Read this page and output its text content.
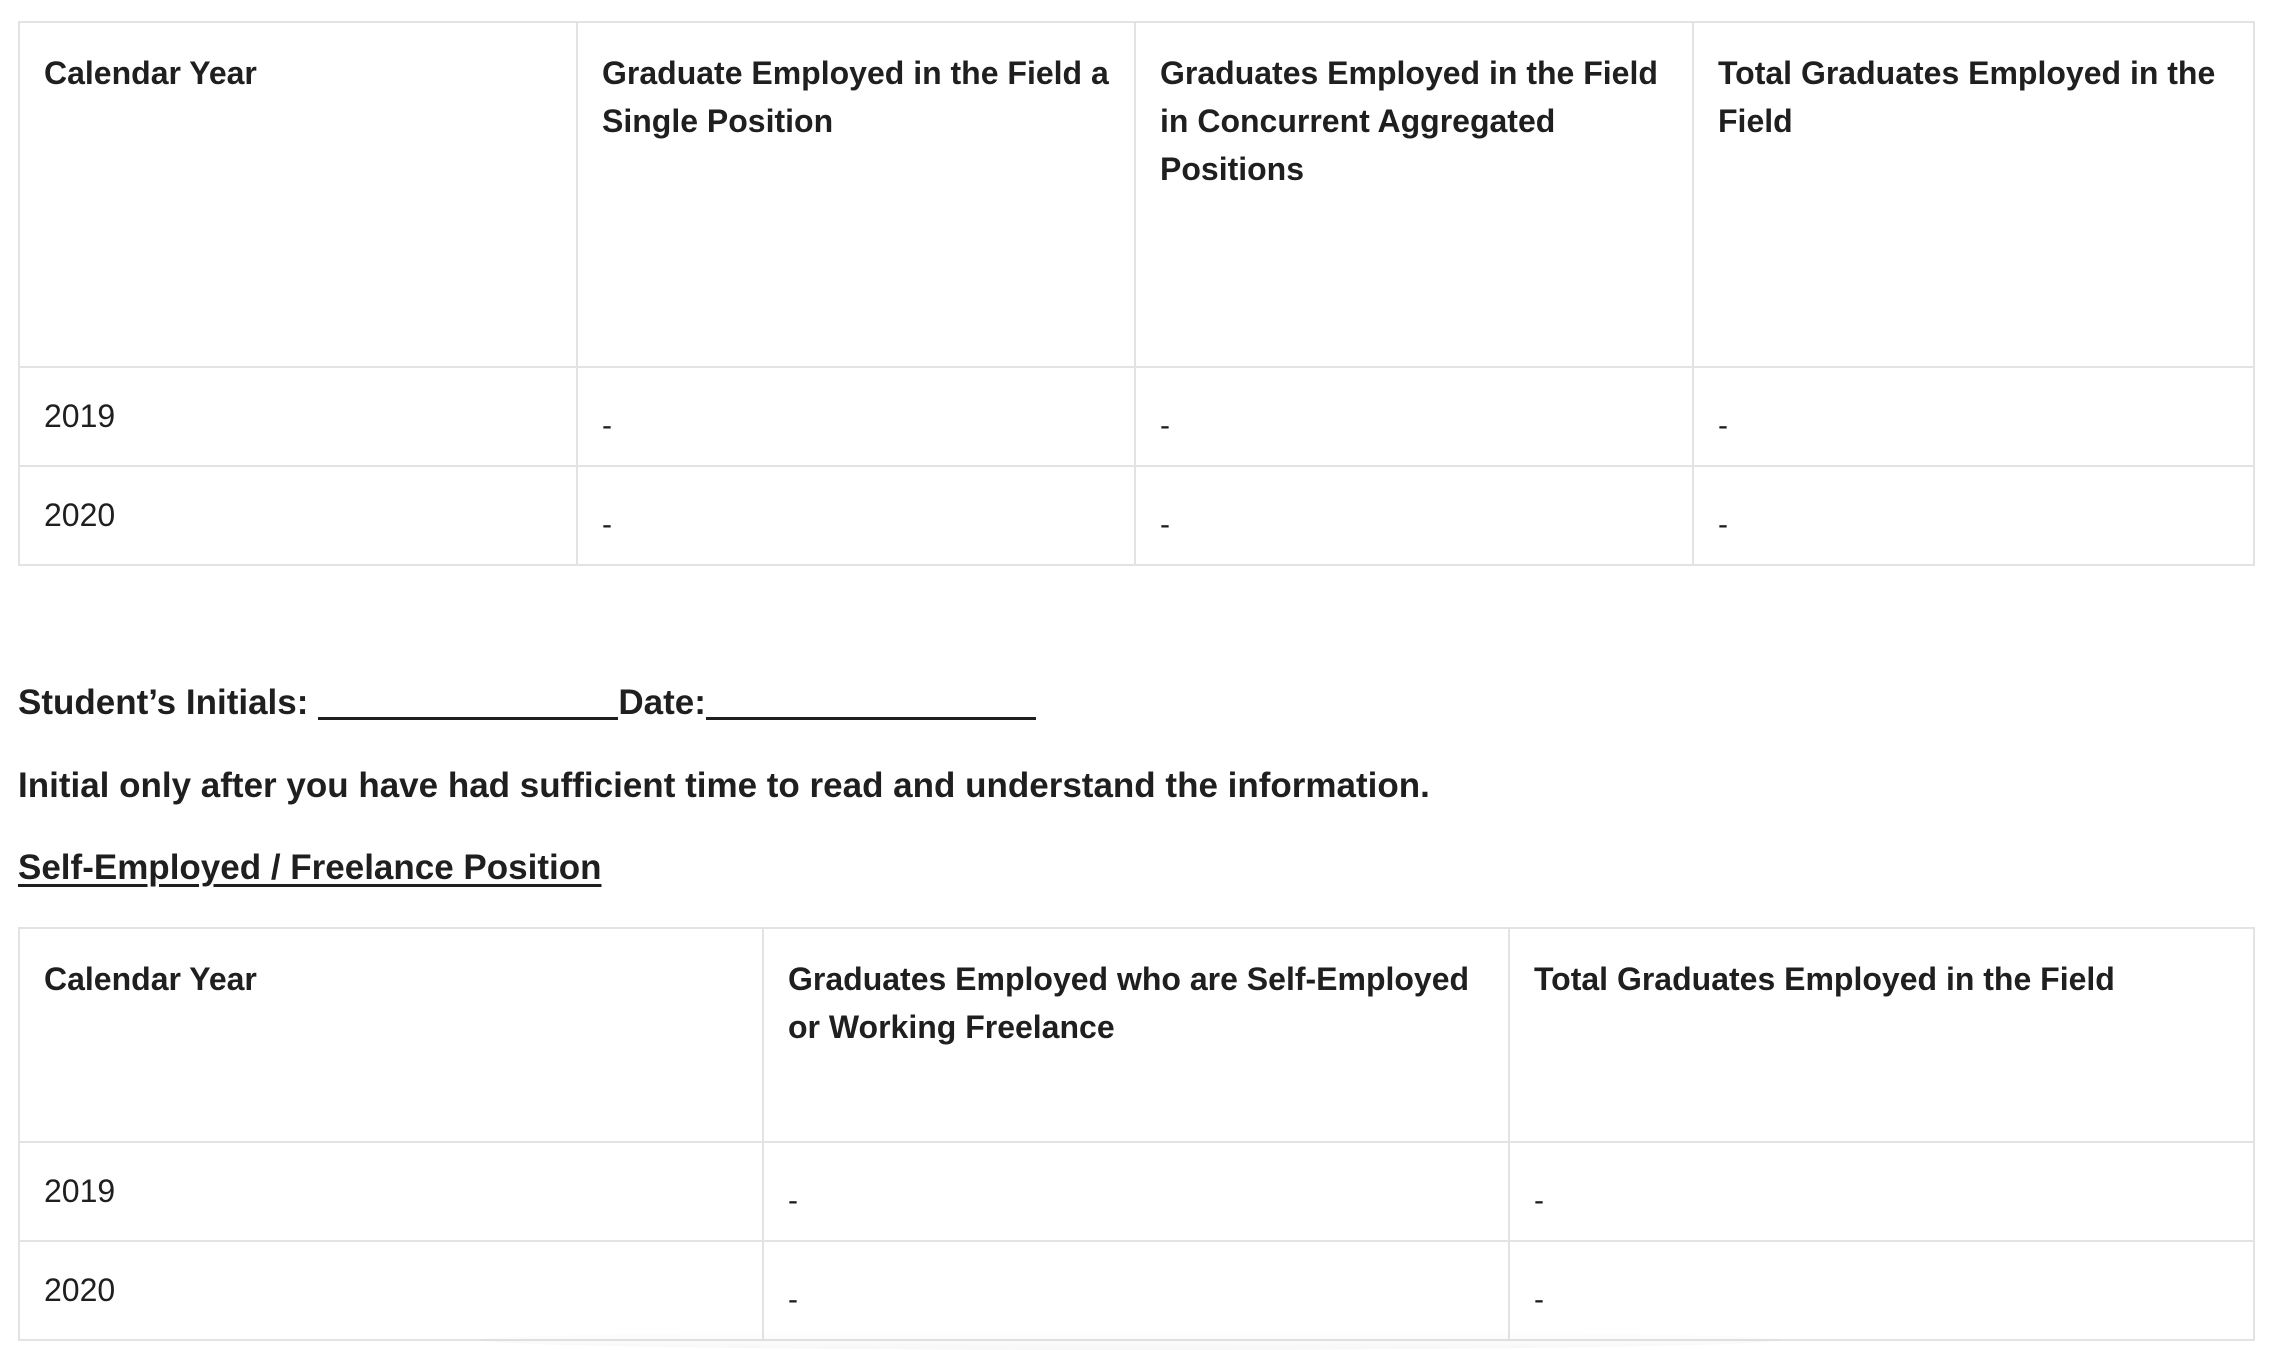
Calendar Year	Graduate Employed in the Field a Single Position	Graduates Employed in the Field in Concurrent Aggregated Positions	Total Graduates Employed in the Field
2019	-	-	-
2020	-	-	-
Student’s Initials:	Date:
Initial only after you have had sufficient time to read and understand the information.
Self-Employed / Freelance Position
Calendar Year	Graduates Employed who are Self-Employed or Working Freelance	Total Graduates Employed in the Field
2019	-	-
2020	-	-
